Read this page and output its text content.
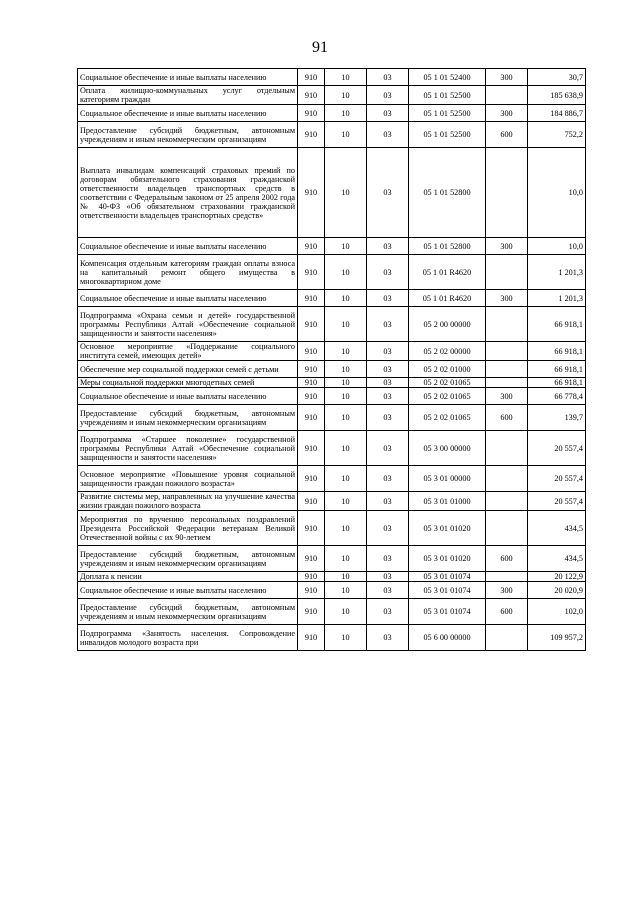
91
Социальное обеспечение и иные выплаты населению	910	10	03	05 1 01 52400	300	30,7
Оплата жилищно-коммунальных услуг отдельным категориям граждан	910	10	03	05 1 01 52500		185 638,9
Социальное обеспечение и иные выплаты населению	910	10	03	05 1 01 52500	300	184 886,7
Предоставление субсидий бюджетным, автономным учреждениям и иным некоммерческим организациям	910	10	03	05 1 01 52500	600	752,2
Выплата инвалидам компенсаций страховых премий по договорам обязательного страхования гражданской ответственности владельцев транспортных средств в соответствии с Федеральным законом от 25 апреля 2002 года № 40-ФЗ «Об обязательном страховании гражданской ответственности владельцев транспортных средств»	910	10	03	05 1 01 52800		10,0
Социальное обеспечение и иные выплаты населению	910	10	03	05 1 01 52800	300	10,0
Компенсация отдельным категориям граждан оплаты взноса на капитальный ремонт общего имущества в многоквартирном доме	910	10	03	05 1 01 R4620		1 201,3
Социальное обеспечение и иные выплаты населению	910	10	03	05 1 01 R4620	300	1 201,3
Подпрограмма «Охрана семьи и детей» государственной программы Республики Алтай «Обеспечение социальной защищенности и занятости населения»	910	10	03	05 2 00 00000		66 918,1
Основное мероприятие «Поддержание социального института семей, имеющих детей»	910	10	03	05 2 02 00000		66 918,1
Обеспечение мер социальной поддержки семей с детьми	910	10	03	05 2 02 01000		66 918,1
Меры социальной поддержки многодетных семей	910	10	03	05 2 02 01065		66 918,1
Социальное обеспечение и иные выплаты населению	910	10	03	05 2 02 01065	300	66 778,4
Предоставление субсидий бюджетным, автономным учреждениям и иным некоммерческим организациям	910	10	03	05 2 02 01065	600	139,7
Подпрограмма «Старшее поколение» государственной программы Республики Алтай «Обеспечение социальной защищенности и занятости населения»	910	10	03	05 3 00 00000		20 557,4
Основное мероприятие «Повышение уровня социальной защищенности граждан пожилого возраста»	910	10	03	05 3 01 00000		20 557,4
Развитие системы мер, направленных на улучшение качества жизни граждан пожилого возраста	910	10	03	05 3 01 01000		20 557,4
Мероприятия по вручению персональных поздравлений Президента Российской Федерации ветеранам Великой Отечественной войны с их 90-летием	910	10	03	05 3 01 01020		434,5
Предоставление субсидий бюджетным, автономным учреждениям и иным некоммерческим организациям	910	10	03	05 3 01 01020	600	434,5
Доплата к пенсии	910	10	03	05 3 01 01074		20 122,9
Социальное обеспечение и иные выплаты населению	910	10	03	05 3 01 01074	300	20 020,9
Предоставление субсидий бюджетным, автономным учреждениям и иным некоммерческим организациям	910	10	03	05 3 01 01074	600	102,0
Подпрограмма «Занятость населения. Сопровождение инвалидов молодого возраста при	910	10	03	05 6 00 00000		109 957,2
